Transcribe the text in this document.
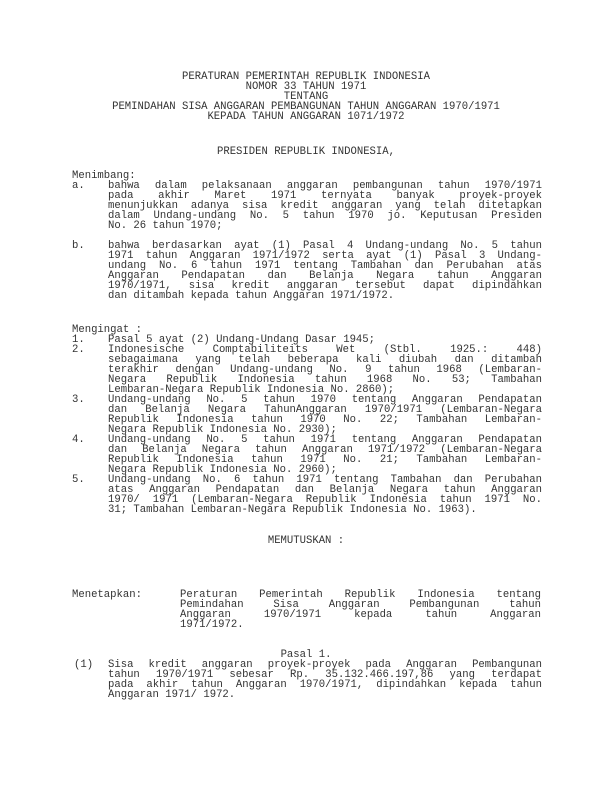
PERATURAN PEMERINTAH REPUBLIK INDONESIA
NOMOR 33 TAHUN 1971
TENTANG
PEMINDAHAN SISA ANGGARAN PEMBANGUNAN TAHUN ANGGARAN 1970/1971
KEPADA TAHUN ANGGARAN 1071/1972
PRESIDEN REPUBLIK INDONESIA,
Menimbang:
a. bahwa dalam pelaksanaan anggaran pembangunan tahun 1970/1971
pada akhir Maret 1971 ternyata banyak proyek-proyek
menunjukkan adanya sisa kredit anggaran yang telah ditetapkan
dalam Undang-undang No. 5 tahun 1970 jo. Keputusan Presiden
No. 26 tahun 1970;
b. bahwa berdasarkan ayat (1) Pasal 4 Undang-undang No. 5 tahun
1971 tahun Anggaran 1971/1972 serta ayat (1) Pasal 3 Undang-
undang No. 6 tahun 1971 tentang Tambahan dan Perubahan atas
Anggaran Pendapatan dan Belanja Negara tahun Anggaran
1970/1971, sisa kredit anggaran tersebut dapat dipindahkan
dan ditambah kepada tahun Anggaran 1971/1972.
Mengingat :
1. Pasal 5 ayat (2) Undang-Undang Dasar 1945;
2. Indonesische Comptabiliteits Wet (Stbl. 1925.: 448)
sebagaimana yang telah beberapa kali diubah dan ditambah
terakhir dengan Undang-undang No. 9 tahun 1968 (Lembaran-
Negara Republik Indonesia tahun 1968 No. 53; Tambahan
Lembaran-Negara Republik Indonesia No. 2860);
3. Undang-undang No. 5 tahun 1970 tentang Anggaran Pendapatan
dan Belanja Negara TahunAnggaran 1970/1971 (Lembaran-Negara
Republik Indonesia tahun 1970 No. 22; Tambahan Lembaran-
Negara Republik Indonesia No. 2930);
4. Undang-undang No. 5 tahun 1971 tentang Anggaran Pendapatan
dan Belanja Negara tahun Anggaran 1971/1972 (Lembaran-Negara
Republik Indonesia tahun 1971 No. 21; Tambahan Lembaran-
Negara Republik Indonesia No. 2960);
5. Undang-undang No. 6 tahun 1971 tentang Tambahan dan Perubahan
atas Anggaran Pendapatan dan Belanja Negara tahun Anggaran
1970/ 1971 (Lembaran-Negara Republik Indonesia tahun 1971 No.
31; Tambahan Lembaran-Negara Republik Indonesia No. 1963).
MEMUTUSKAN :
Menetapkan:	Peraturan Pemerintah Republik Indonesia tentang
Pemindahan Sisa Anggaran Pembangunan tahun
Anggaran 1970/1971 kepada tahun Anggaran
1971/1972.
Pasal 1.
(1) Sisa kredit anggaran proyek-proyek pada Anggaran Pembangunan
tahun 1970/1971 sebesar Rp. 35.132.466.197,86 yang terdapat
pada akhir tahun Anggaran 1970/1971, dipindahkan kepada tahun
Anggaran 1971/ 1972.
